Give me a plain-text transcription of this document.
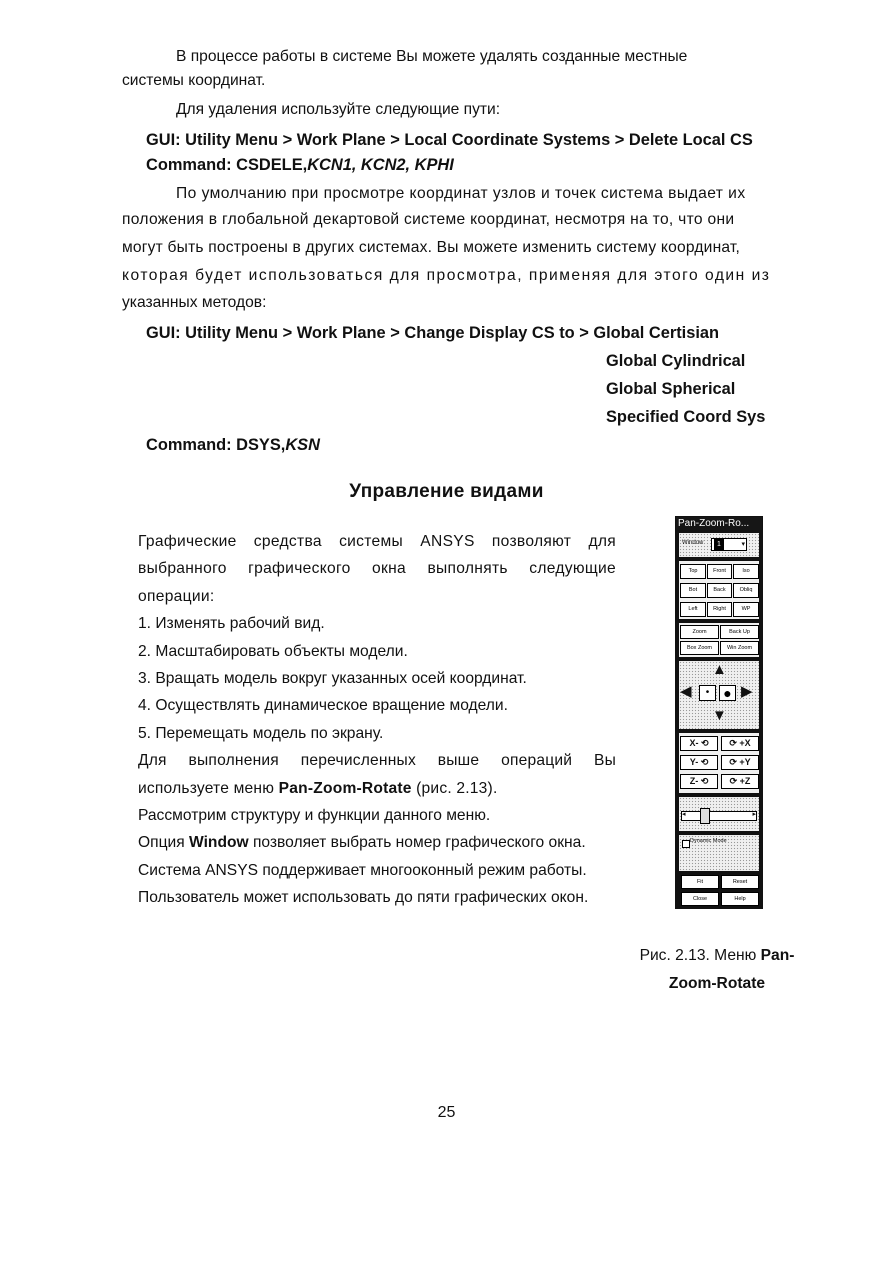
В процессе работы в системе Вы можете удалять созданные местные
системы координат.
Для удаления используйте следующие пути:
GUI: Utility Menu > Work Plane > Local Coordinate Systems > Delete Local CS
Command: CSDELE,KCN1, KCN2, KPHI
По умолчанию при просмотре координат узлов и точек система выдает их
положения в глобальной декартовой системе координат, несмотря на то, что они
могут быть построены в других системах. Вы можете изменить систему координат,
которая будет использоваться для просмотра, применяя для этого один из
указанных методов:
GUI: Utility Menu > Work Plane > Change Display CS to > Global Certisian
Global Cylindrical
Global Spherical
Specified Coord Sys
Command: DSYS,KSN
Управление видами

Графические средства системы ANSYS позволяют для выбранного графического окна выполнять следующие операции:

1. Изменять рабочий вид.

2. Масштабировать объекты модели.

3. Вращать модель вокруг указанных осей координат.

4. Осуществлять динамическое вращение модели.

5. Перемещать модель по экрану.

Для выполнения перечисленных выше операций Вы используете меню Pan-Zoom-Rotate (рис. 2.13).

Рассмотрим структуру и функции данного меню.

Опция Window позволяет выбрать номер графического окна. Система ANSYS поддерживает многооконный режим работы. Пользователь может использовать до пяти графических окон.

Pan-Zoom-Ro...
Window	1	▾
Top	Front	Iso
Bot	Back	Obliq
Left	Right	WP
Zoom	Back Up
Box Zoom	Win Zoom
▲
◀	•	● ▶
▼
X- ⟲	⟳ +X
Y- ⟲	⟳ +Y
Z- ⟲	⟳ +Z
◂	▸
Dynamic Mode
Fit	Reset
Close	Help
Рис. 2.13. Меню Pan-Zoom-Rotate
25
